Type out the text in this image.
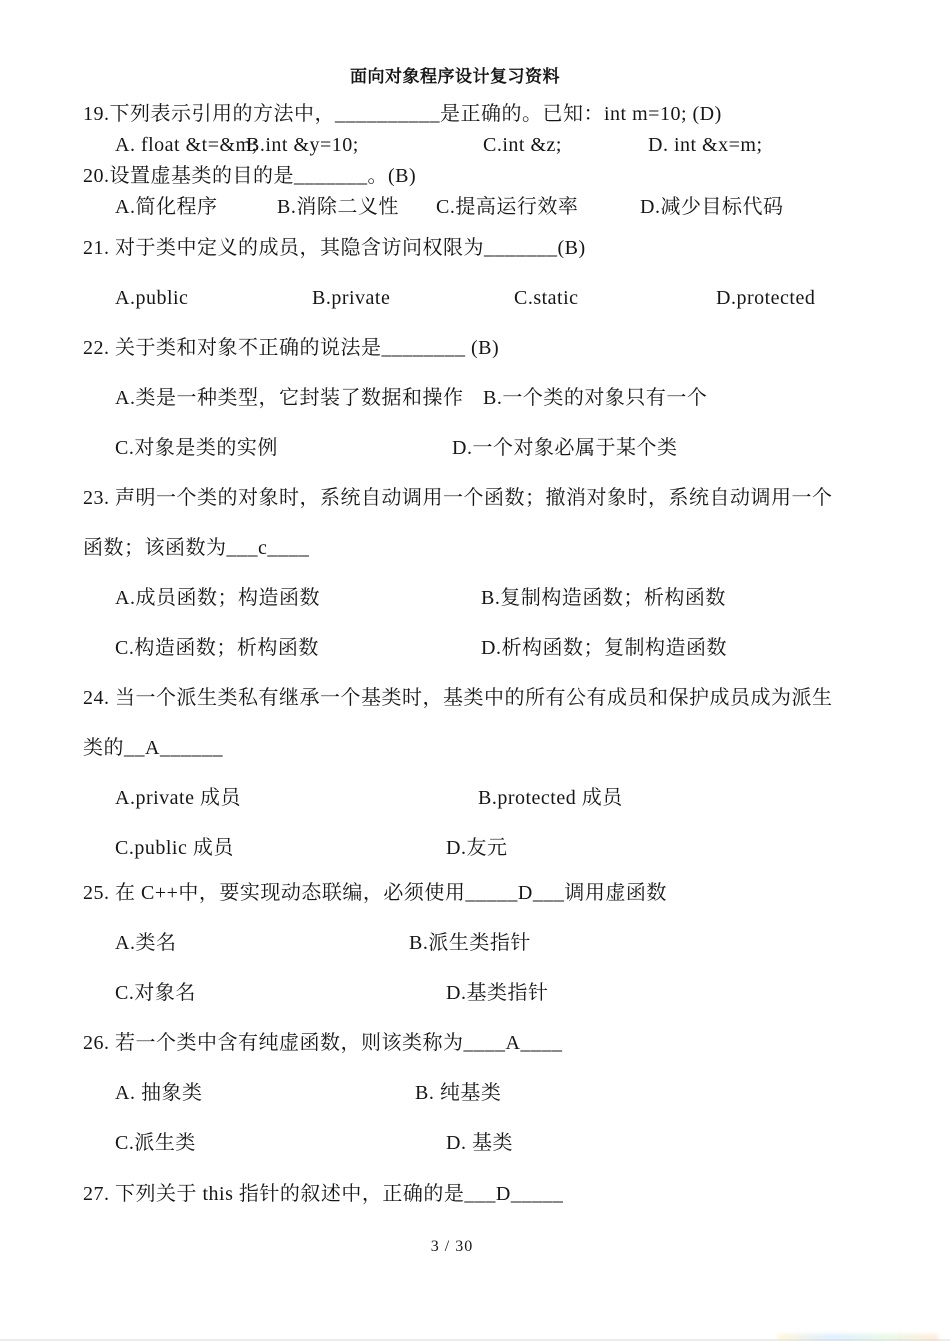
面向对象程序设计复习资料
19.下列表示引用的方法中，__________是正确的。已知：int m=10; (D)
A. float &t=&m;
B.int &y=10;	C.int &z;	D. int &x=m;
20.设置虚基类的目的是_______。(B)
A.简化程序	B.消除二义性 C.提高运行效率	D.减少目标代码
21. 对于类中定义的成员，其隐含访问权限为_______(B)
A.public	B.private	C.static	D.protected
22. 关于类和对象不正确的说法是________ (B)
A.类是一种类型，它封装了数据和操作 B.一个类的对象只有一个
C.对象是类的实例	D.一个对象必属于某个类
23. 声明一个类的对象时，系统自动调用一个函数；撤消对象时，系统自动调用一个
函数；该函数为___c____
A.成员函数；构造函数	B.复制构造函数；析构函数
C.构造函数；析构函数	D.析构函数；复制构造函数
24. 当一个派生类私有继承一个基类时，基类中的所有公有成员和保护成员成为派生
类的__A______
A.private 成员	B.protected 成员
C.public 成员	D.友元
25. 在 C++中，要实现动态联编，必须使用_____D___调用虚函数
A.类名	B.派生类指针
C.对象名	D.基类指针
26. 若一个类中含有纯虚函数，则该类称为____A____
A. 抽象类	B. 纯基类
C.派生类	D. 基类
27. 下列关于 this 指针的叙述中，正确的是___D_____
3 / 30
